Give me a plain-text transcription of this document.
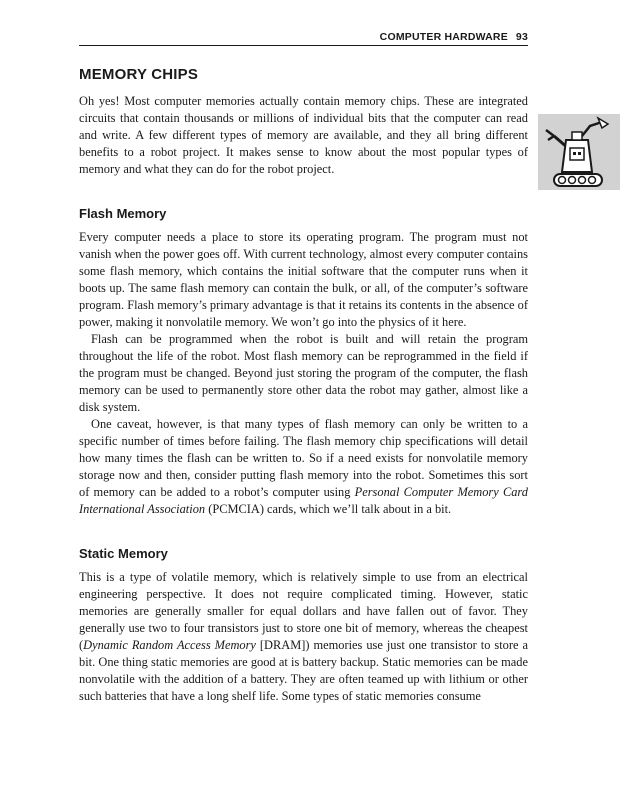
COMPUTER HARDWARE 93
MEMORY CHIPS

Oh yes! Most computer memories actually contain memory chips. These are integrated circuits that contain thousands or millions of individual bits that the computer can read and write. A few different types of memory are available, and they all bring different benefits to a robot project. It makes sense to know about the most popular types of memory and what they can do for the robot project.

Flash Memory

Every computer needs a place to store its operating program. The program must not vanish when the power goes off. With current technology, almost every computer contains some flash memory, which contains the initial software that the computer runs when it boots up. The same flash memory can contain the bulk, or all, of the computer’s software program. Flash memory’s primary advantage is that it retains its contents in the absence of power, making it nonvolatile memory. We won’t go into the physics of it here.

Flash can be programmed when the robot is built and will retain the program throughout the life of the robot. Most flash memory can be reprogrammed in the field if the program must be changed. Beyond just storing the program of the computer, the flash memory can be used to permanently store other data the robot may gather, almost like a disk system.

One caveat, however, is that many types of flash memory can only be written to a specific number of times before failing. The flash memory chip specifications will detail how many times the flash can be written to. So if a need exists for nonvolatile memory storage now and then, consider putting flash memory into the robot. Sometimes this sort of memory can be added to a robot’s computer using Personal Computer Memory Card International Association (PCMCIA) cards, which we’ll talk about in a bit.

Static Memory

This is a type of volatile memory, which is relatively simple to use from an electrical engineering perspective. It does not require complicated timing. However, static memories are generally smaller for equal dollars and have fallen out of favor. They generally use two to four transistors just to store one bit of memory, whereas the cheapest (Dynamic Random Access Memory [DRAM]) memories use just one transistor to store a bit. One thing static memories are good at is battery backup. Static memories can be made nonvolatile with the addition of a battery. They are often teamed up with lithium or other such batteries that have a long shelf life. Some types of static memories consume
